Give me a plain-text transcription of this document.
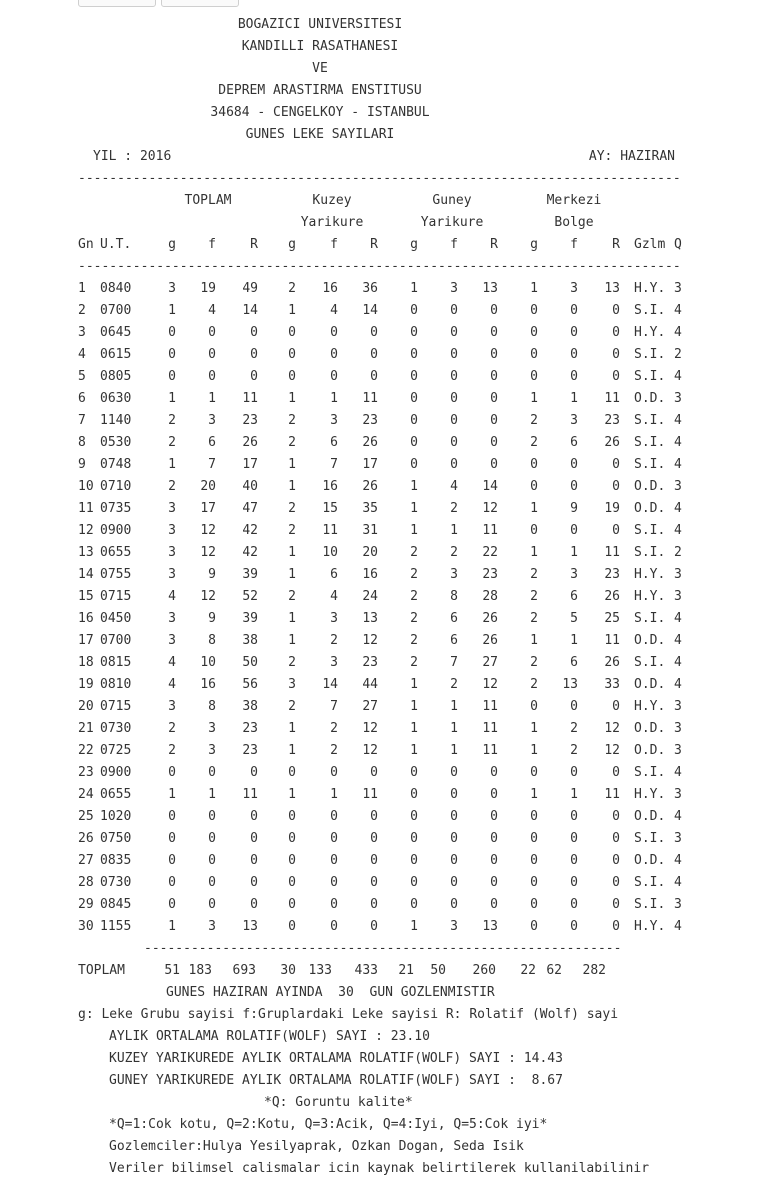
BOGAZICI UNIVERSITESI
KANDILLI RASATHANESI
VE
DEPREM ARASTIRMA ENSTITUSU
34684 - CENGELKOY - ISTANBUL
GUNES LEKE SAYILARI
YIL : 2016	AY: HAZIRAN
-----------------------------------------------------------------------------
TOPLAM	Kuzey
Yarikure
Guney
Yarikure
Merkezi
Bolge
Gn U.T.	g	f	R	g	f	R	g	f	R	g	f	R Gzlm Q
-----------------------------------------------------------------------------
1	0840	3	19	49	2	16	36	1	3	13	1	3	13 H.Y. 3
2	0700	1	4	14	1	4	14	0	0	0	0	0	0 S.I. 4
3	0645	0	0	0	0	0	0	0	0	0	0	0	0 H.Y. 4
4	0615	0	0	0	0	0	0	0	0	0	0	0	0 S.I. 2
5	0805	0	0	0	0	0	0	0	0	0	0	0	0 S.I. 4
6	0630	1	1	11	1	1	11	0	0	0	1	1	11 O.D. 3
7	1140	2	3	23	2	3	23	0	0	0	2	3	23 S.I. 4
8	0530	2	6	26	2	6	26	0	0	0	2	6	26 S.I. 4
9	0748	1	7	17	1	7	17	0	0	0	0	0	0 S.I. 4
10 0710	2	20	40	1	16	26	1	4	14	0	0	0 O.D. 3
11 0735	3	17	47	2	15	35	1	2	12	1	9	19 O.D. 4
12 0900	3	12	42	2	11	31	1	1	11	0	0	0 S.I. 4
13 0655	3	12	42	1	10	20	2	2	22	1	1	11 S.I. 2
14 0755	3	9	39	1	6	16	2	3	23	2	3	23 H.Y. 3
15 0715	4	12	52	2	4	24	2	8	28	2	6	26 H.Y. 3
16 0450	3	9	39	1	3	13	2	6	26	2	5	25 S.I. 4
17 0700	3	8	38	1	2	12	2	6	26	1	1	11 O.D. 4
18 0815	4	10	50	2	3	23	2	7	27	2	6	26 S.I. 4
19 0810	4	16	56	3	14	44	1	2	12	2	13	33 O.D. 4
20 0715	3	8	38	2	7	27	1	1	11	0	0	0 H.Y. 3
21 0730	2	3	23	1	2	12	1	1	11	1	2	12 O.D. 3
22 0725	2	3	23	1	2	12	1	1	11	1	2	12 O.D. 3
23 0900	0	0	0	0	0	0	0	0	0	0	0	0 S.I. 4
24 0655	1	1	11	1	1	11	0	0	0	1	1	11 H.Y. 3
25 1020	0	0	0	0	0	0	0	0	0	0	0	0 O.D. 4
26 0750	0	0	0	0	0	0	0	0	0	0	0	0 S.I. 3
27 0835	0	0	0	0	0	0	0	0	0	0	0	0 O.D. 4
28 0730	0	0	0	0	0	0	0	0	0	0	0	0 S.I. 4
29 0845	0	0	0	0	0	0	0	0	0	0	0	0 S.I. 3
30 1155	1	3	13	0	0	0	1	3	13	0	0	0 H.Y. 4
-------------------------------------------------------------
TOPLAM	51 183	693	30 133	433	21	50	260	22 62	282
GUNES HAZIRAN AYINDA  30  GUN GOZLENMISTIR
g: Leke Grubu sayisi f:Gruplardaki Leke sayisi R: Rolatif (Wolf) sayi
AYLIK ORTALAMA ROLATIF(WOLF) SAYI : 23.10
KUZEY YARIKUREDE AYLIK ORTALAMA ROLATIF(WOLF) SAYI : 14.43
GUNEY YARIKUREDE AYLIK ORTALAMA ROLATIF(WOLF) SAYI :  8.67
*Q: Goruntu kalite*
*Q=1:Cok kotu, Q=2:Kotu, Q=3:Acik, Q=4:Iyi, Q=5:Cok iyi*
Gozlemciler:Hulya Yesilyaprak, Ozkan Dogan, Seda Isik
Veriler bilimsel calismalar icin kaynak belirtilerek kullanilabilinir
